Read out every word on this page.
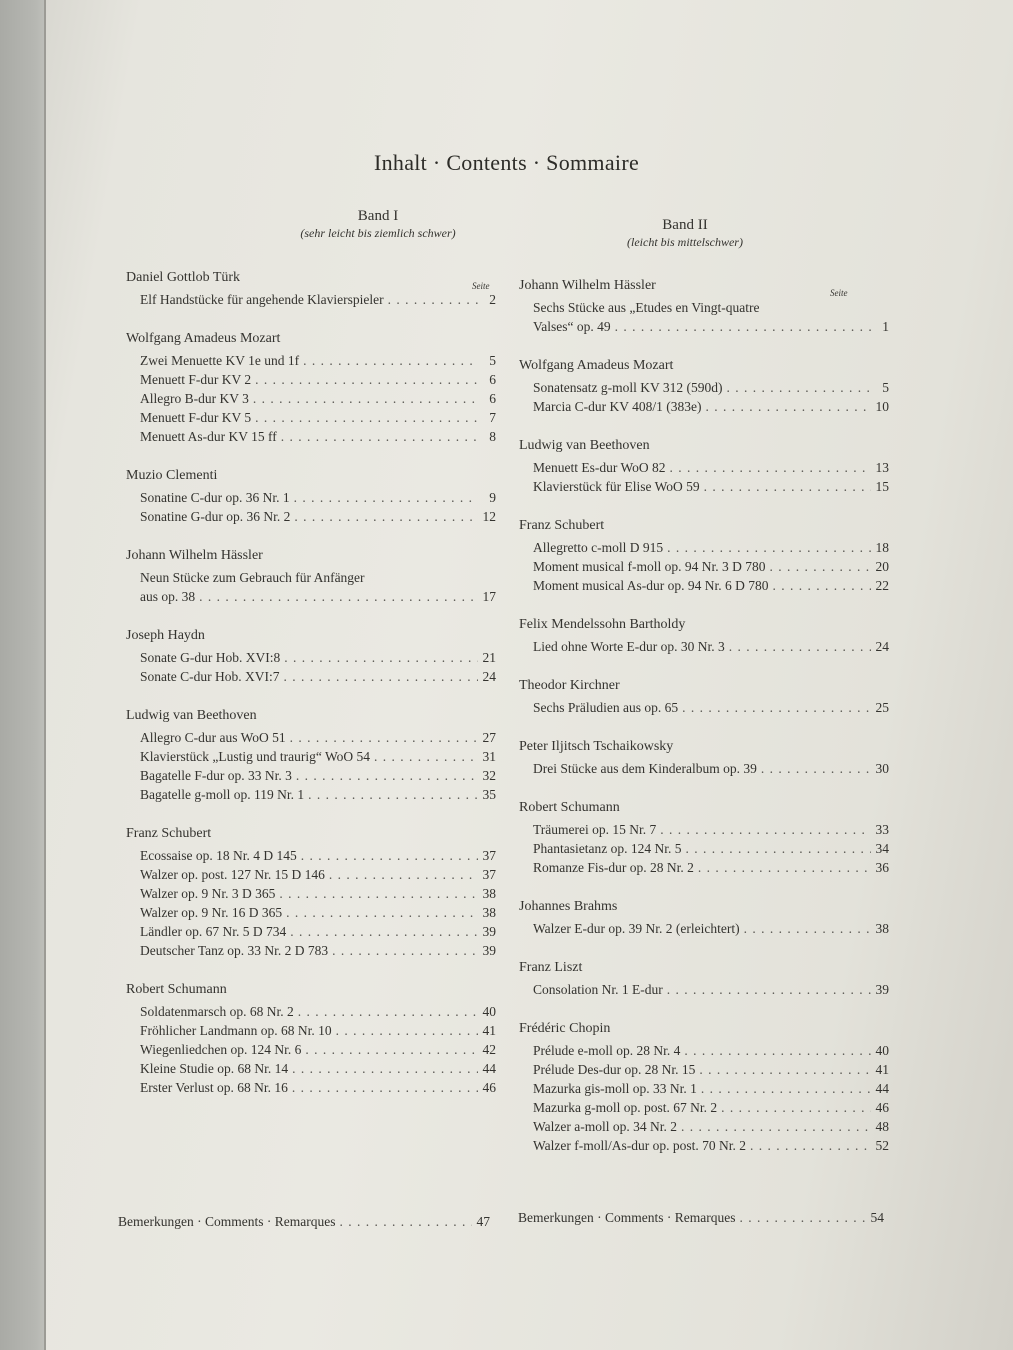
Inhalt · Contents · Sommaire
Band I
(sehr leicht bis ziemlich schwer)	Band II
(leicht bis mittelschwer)
Seite
Seite
Daniel Gottlob Türk
Elf Handstücke für angehende Klavierspieler . . .	2
Wolfgang Amadeus Mozart
Zwei Menuette KV 1e und 1f . . .	5
Menuett F-dur KV 2 . . .	6
Allegro B-dur KV 3 . . .	6
Menuett F-dur KV 5 . . .	7
Menuett As-dur KV 15 ff . . .	8
Muzio Clementi
Sonatine C-dur op. 36 Nr. 1 . . .	9
Sonatine G-dur op. 36 Nr. 2 . . .	12
Johann Wilhelm Hässler
Neun Stücke zum Gebrauch für Anfänger
aus op. 38 . . .	17
Joseph Haydn
Sonate G-dur Hob. XVI:8 . . .	21
Sonate C-dur Hob. XVI:7 . . .	24
Ludwig van Beethoven
Allegro C-dur aus WoO 51 . . .	27
Klavierstück „Lustig und traurig“ WoO 54 . . .	31
Bagatelle F-dur op. 33 Nr. 3 . . .	32
Bagatelle g-moll op. 119 Nr. 1 . . .	35
Franz Schubert
Ecossaise op. 18 Nr. 4 D 145 . . .	37
Walzer op. post. 127 Nr. 15 D 146 . . .	37
Walzer op. 9 Nr. 3 D 365 . . .	38
Walzer op. 9 Nr. 16 D 365 . . .	38
Ländler op. 67 Nr. 5 D 734 . . .	39
Deutscher Tanz op. 33 Nr. 2 D 783 . . .	39
Robert Schumann
Soldatenmarsch op. 68 Nr. 2 . . .	40
Fröhlicher Landmann op. 68 Nr. 10 . . .	41
Wiegenliedchen op. 124 Nr. 6 . . .	42
Kleine Studie op. 68 Nr. 14 . . .	44
Erster Verlust op. 68 Nr. 16 . . .	46
Johann Wilhelm Hässler
Sechs Stücke aus „Etudes en Vingt-quatre
Valses“ op. 49 . . .	1
Wolfgang Amadeus Mozart
Sonatensatz g-moll KV 312 (590d) . . .	5
Marcia C-dur KV 408/1 (383e) . . .	10
Ludwig van Beethoven
Menuett Es-dur WoO 82 . . .	13
Klavierstück für Elise WoO 59 . . .	15
Franz Schubert
Allegretto c-moll D 915 . . .	18
Moment musical f-moll op. 94 Nr. 3 D 780 . . .	20
Moment musical As-dur op. 94 Nr. 6 D 780 . . .	22
Felix Mendelssohn Bartholdy
Lied ohne Worte E-dur op. 30 Nr. 3 . . .	24
Theodor Kirchner
Sechs Präludien aus op. 65 . . .	25
Peter Iljitsch Tschaikowsky
Drei Stücke aus dem Kinderalbum op. 39 . . .	30
Robert Schumann
Träumerei op. 15 Nr. 7 . . .	33
Phantasietanz op. 124 Nr. 5 . . .	34
Romanze Fis-dur op. 28 Nr. 2 . . .	36
Johannes Brahms
Walzer E-dur op. 39 Nr. 2 (erleichtert) . . .	38
Franz Liszt
Consolation Nr. 1 E-dur . . .	39
Frédéric Chopin
Prélude e-moll op. 28 Nr. 4 . . .	40
Prélude Des-dur op. 28 Nr. 15 . . .	41
Mazurka gis-moll op. 33 Nr. 1 . . .	44
Mazurka g-moll op. post. 67 Nr. 2 . . .	46
Walzer a-moll op. 34 Nr. 2 . . .	48
Walzer f-moll/As-dur op. post. 70 Nr. 2 . . .	52
Bemerkungen · Comments · Remarques . . .	47 Bemerkungen · Comments · Remarques . . .	54
